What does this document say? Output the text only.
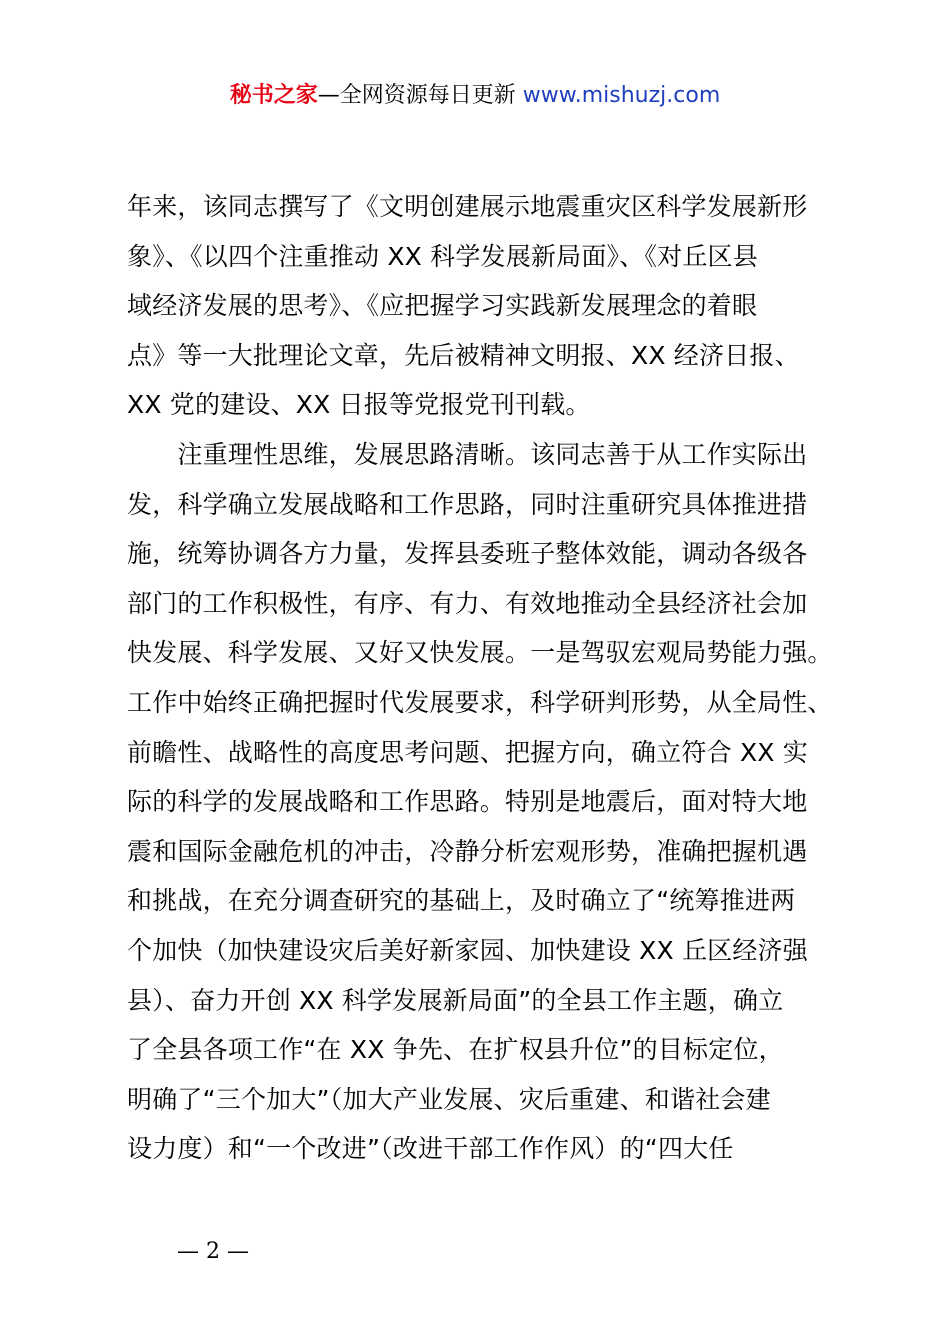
秘书之家—全网资源每日更新 www.mishuzj.com
年来，该同志撰写了《文明创建展示地震重灾区科学发展新形
象》、《以四个注重推动 XX 科学发展新局面》、《对丘区县
域经济发展的思考》、《应把握学习实践新发展理念的着眼
点》等一大批理论文章，先后被精神文明报、XX 经济日报、
XX 党的建设、XX 日报等党报党刊刊载。
　　注重理性思维，发展思路清晰。该同志善于从工作实际出
发，科学确立发展战略和工作思路，同时注重研究具体推进措
施，统筹协调各方力量，发挥县委班子整体效能，调动各级各
部门的工作积极性，有序、有力、有效地推动全县经济社会加
快发展、科学发展、又好又快发展。一是驾驭宏观局势能力强。
工作中始终正确把握时代发展要求，科学研判形势，从全局性、
前瞻性、战略性的高度思考问题、把握方向，确立符合 XX 实
际的科学的发展战略和工作思路。特别是地震后，面对特大地
震和国际金融危机的冲击，冷静分析宏观形势，准确把握机遇
和挑战，在充分调查研究的基础上，及时确立了“统筹推进两
个加快（加快建设灾后美好新家园、加快建设 XX 丘区经济强
县）、奋力开创 XX 科学发展新局面”的全县工作主题，确立
了全县各项工作“在 XX 争先、在扩权县升位”的目标定位，
明确了“三个加大”（加大产业发展、灾后重建、和谐社会建
设力度）和“一个改进”（改进干部工作作风）的“四大任
— 2 —
